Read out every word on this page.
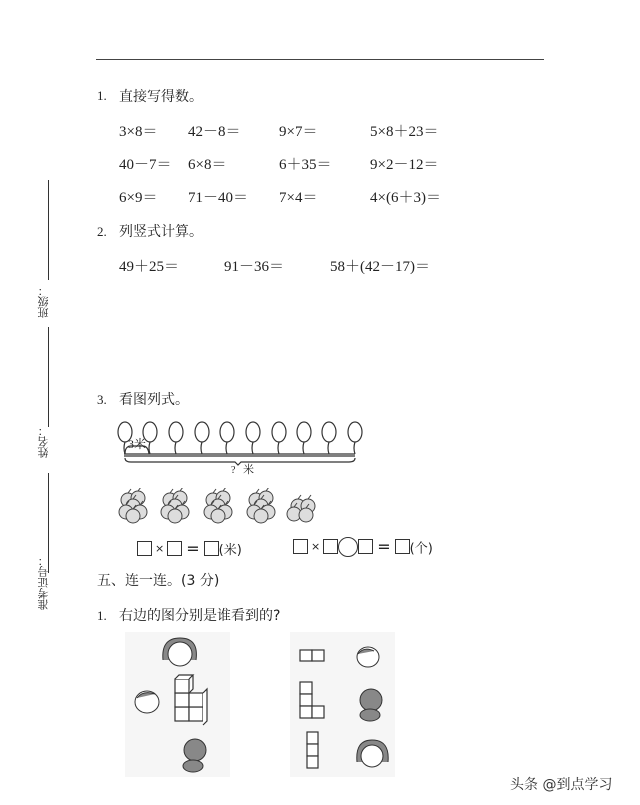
班级：
姓名：
准考证号：
1. 直接写得数。
3×8＝ 42－8＝	9×7＝	5×8＋23＝
40－7＝ 6×8＝	6＋35＝	9×2－12＝
6×9＝ 71－40＝ 7×4＝	4×(6＋3)＝
2. 列竖式计算。
49＋25＝	91－36＝	58＋(42－17)＝
3. 看图列式。
3米
? 米
× = (米)	×	= (个)
五、连一连。(3 分)
1. 右边的图分别是谁看到的?
头条 @到点学习
